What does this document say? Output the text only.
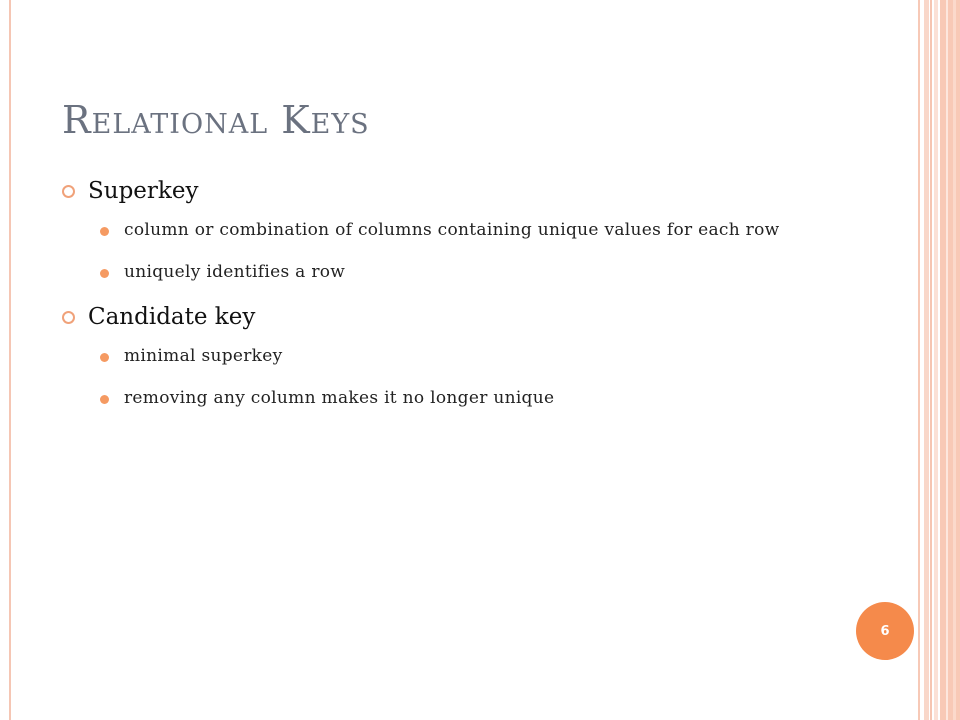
Relational Keys
Superkey
column or combination of columns containing unique values for each row
uniquely identifies a row
Candidate key
minimal superkey
removing any column makes it no longer unique
6
